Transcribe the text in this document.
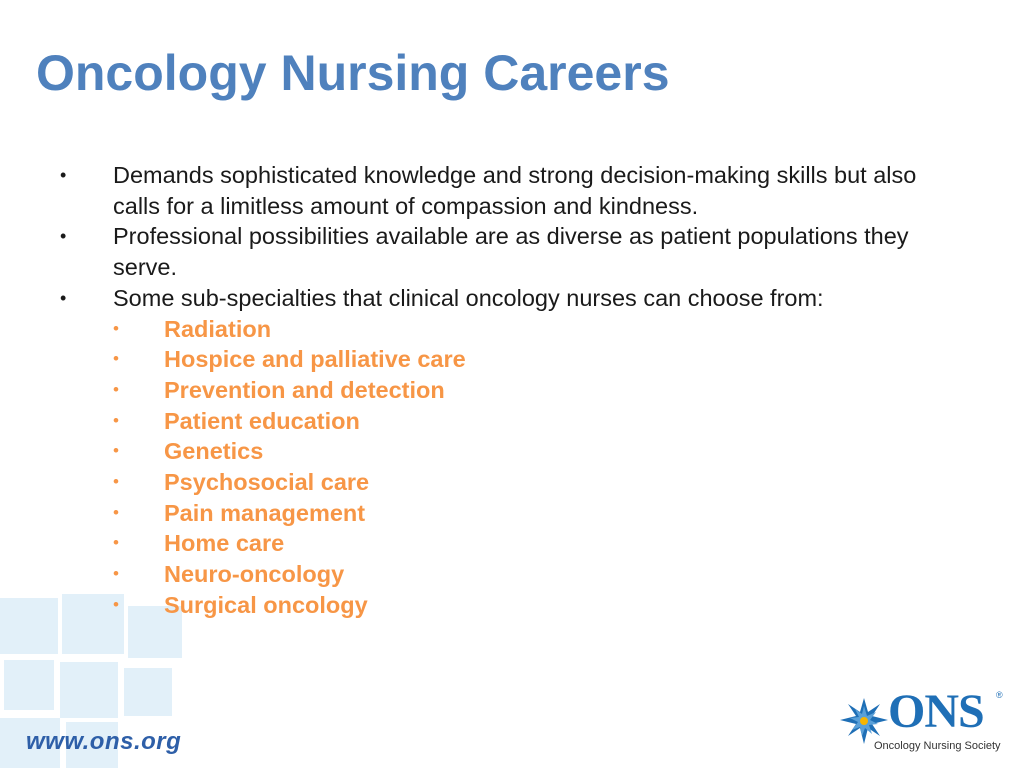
Oncology Nursing Careers
• Demands sophisticated knowledge and strong decision-making skills but also calls for a limitless amount of compassion and kindness.
• Professional possibilities available are as diverse as patient populations they serve.
• Some sub-specialties that clinical oncology nurses can choose from:
• Radiation
• Hospice and palliative care
• Prevention and detection
• Patient education
• Genetics
• Psychosocial care
• Pain management
• Home care
• Neuro-oncology
• Surgical oncology
www.ons.org
ONS ®
Oncology Nursing Society
